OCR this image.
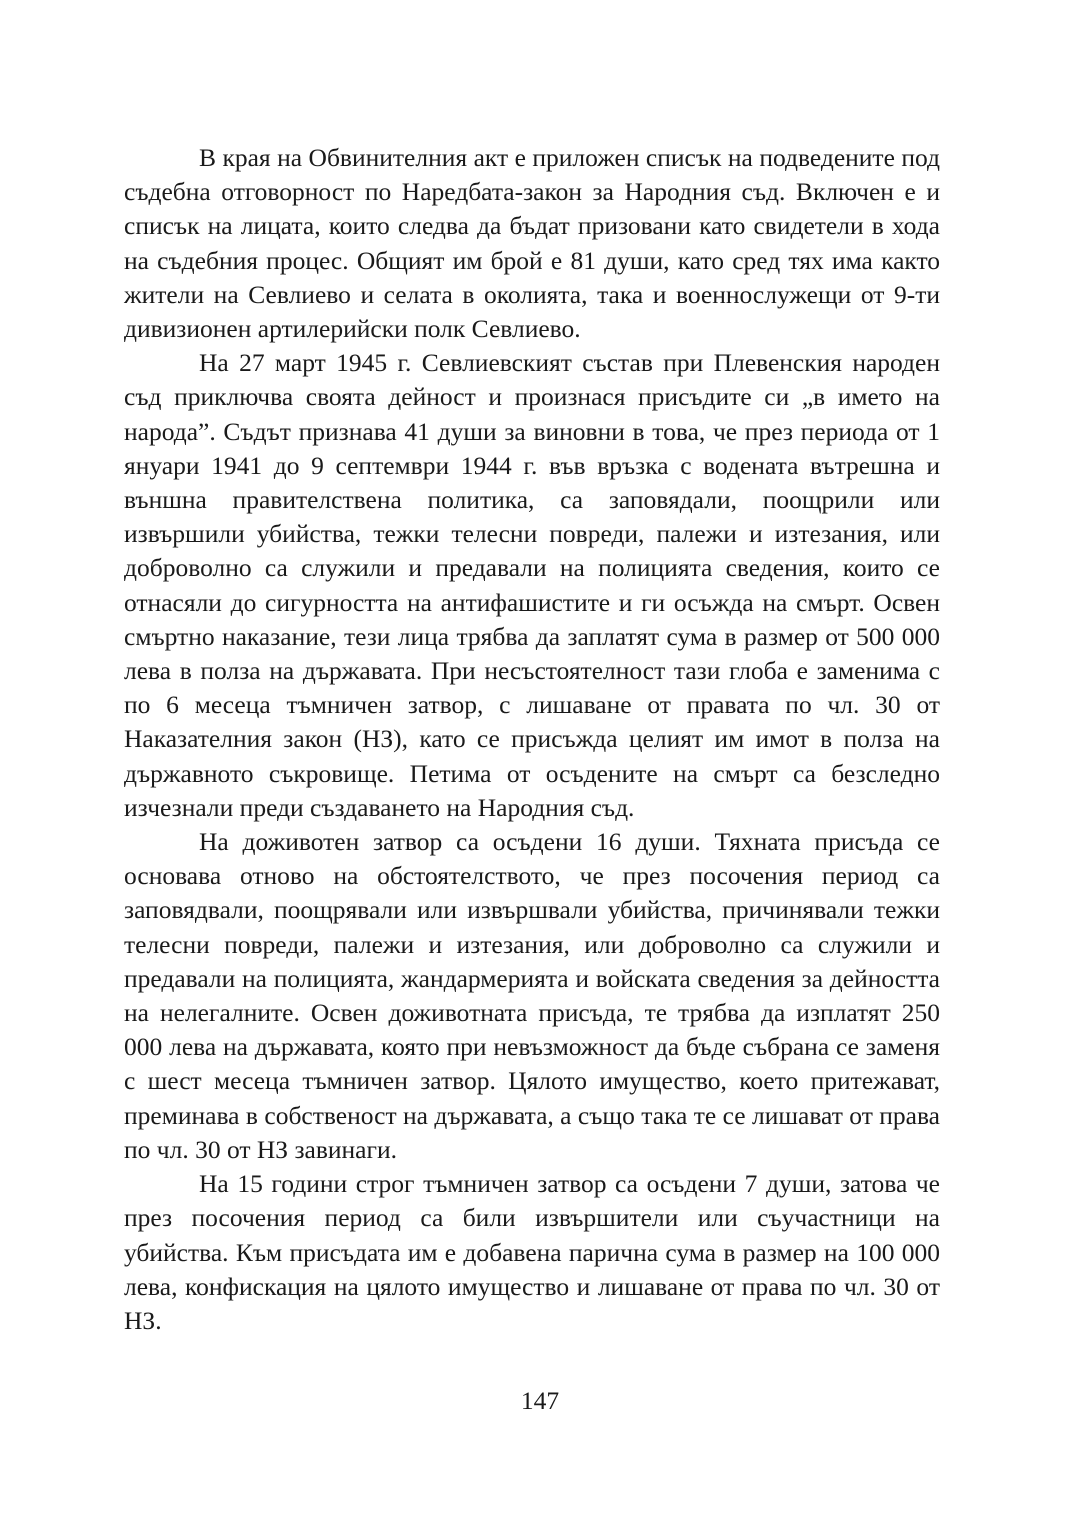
В края на Обвинителния акт е приложен списък на подведените под съдебна отговорност по Наредбата-закон за Народния съд. Включен е и списък на лицата, които следва да бъдат призовани като свидетели в хода на съдебния процес. Общият им брой е 81 души, като сред тях има както жители на Севлиево и селата в околията, така и военнослужещи от 9-ти дивизионен артилерийски полк Севлиево.

На 27 март 1945 г. Севлиевският състав при Плевенския народен съд приключва своята дейност и произнася присъдите си „в името на народа”. Съдът признава 41 души за виновни в това, че през периода от 1 януари 1941 до 9 септември 1944 г. във връзка с водената вътрешна и външна правителствена политика, са заповядали, поощрили или извършили убийства, тежки телесни повреди, палежи и изтезания, или доброволно са служили и предавали на полицията сведения, които се отнасяли до сигурността на антифашистите и ги осъжда на смърт. Освен смъртно наказание, тези лица трябва да заплатят сума в размер от 500 000 лева в полза на държавата. При несъстоятелност тази глоба е заменима с по 6 месеца тъмничен затвор, с лишаване от правата по чл. 30 от Наказателния закон (НЗ), като се присъжда целият им имот в полза на държавното съкровище. Петима от осъдените на смърт са безследно изчезнали преди създаването на Народния съд.

На доживотен затвор са осъдени 16 души. Тяхната присъда се основава отново на обстоятелството, че през посочения период са заповядвали, поощрявали или извършвали убийства, причинявали тежки телесни повреди, палежи и изтезания, или доброволно са служили и предавали на полицията, жандармерията и войската сведения за дейността на нелегалните. Освен доживотната присъда, те трябва да изплатят 250 000 лева на държавата, която при невъзможност да бъде събрана се заменя с шест месеца тъмничен затвор. Цялото имущество, което притежават, преминава в собственост на държавата, а също така те се лишават от права по чл. 30 от НЗ завинаги.

На 15 години строг тъмничен затвор са осъдени 7 души, затова че през посочения период са били извършители или съучастници на убийства. Към присъдата им е добавена парична сума в размер на 100 000 лева, конфискация на цялото имущество и лишаване от права по чл. 30 от НЗ.

147
